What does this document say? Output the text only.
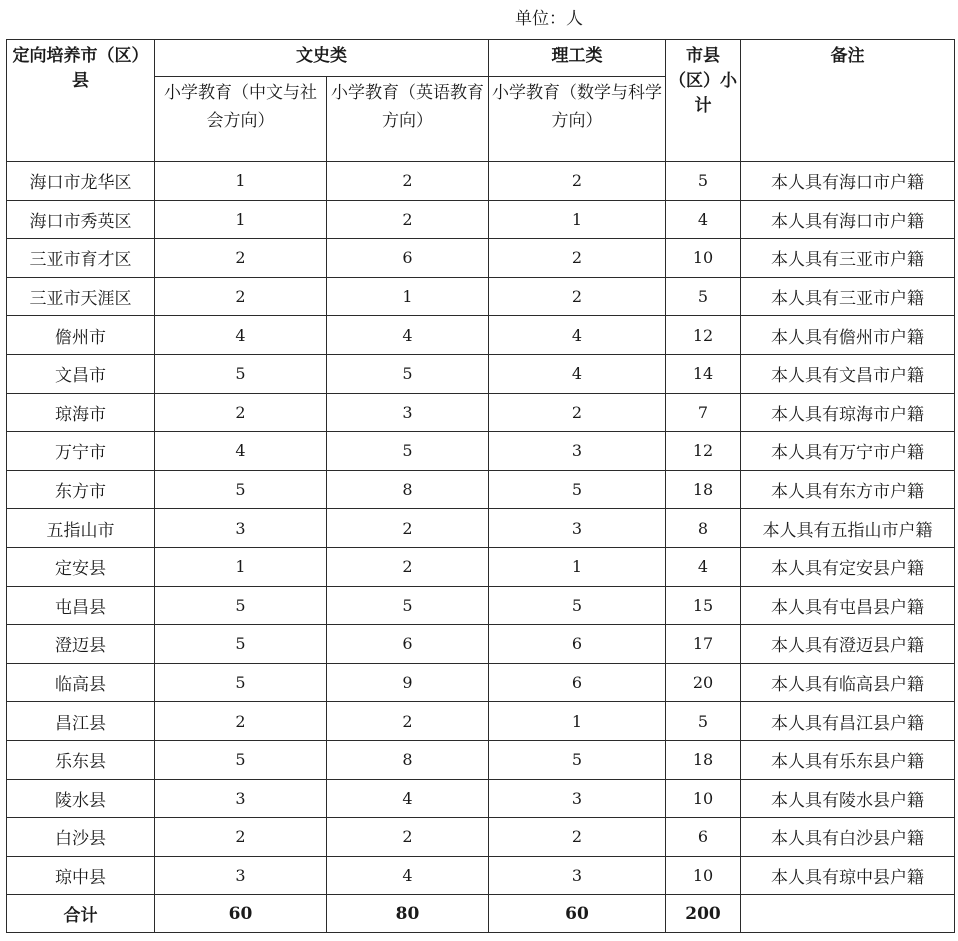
单位：人
定向培养市（区）县	文史类		理工类	市县（区）小计	备注
	小学教育（中文与社会方向）	小学教育（英语教育方向）	小学教育（数学与科学方向）		
海口市龙华区	1	2	2	5	本人具有海口市户籍
海口市秀英区	1	2	1	4	本人具有海口市户籍
三亚市育才区	2	6	2	10	本人具有三亚市户籍
三亚市天涯区	2	1	2	5	本人具有三亚市户籍
儋州市	4	4	4	12	本人具有儋州市户籍
文昌市	5	5	4	14	本人具有文昌市户籍
琼海市	2	3	2	7	本人具有琼海市户籍
万宁市	4	5	3	12	本人具有万宁市户籍
东方市	5	8	5	18	本人具有东方市户籍
五指山市	3	2	3	8	本人具有五指山市户籍
定安县	1	2	1	4	本人具有定安县户籍
屯昌县	5	5	5	15	本人具有屯昌县户籍
澄迈县	5	6	6	17	本人具有澄迈县户籍
临高县	5	9	6	20	本人具有临高县户籍
昌江县	2	2	1	5	本人具有昌江县户籍
乐东县	5	8	5	18	本人具有乐东县户籍
陵水县	3	4	3	10	本人具有陵水县户籍
白沙县	2	2	2	6	本人具有白沙县户籍
琼中县	3	4	3	10	本人具有琼中县户籍
合计	60	80	60	200	
